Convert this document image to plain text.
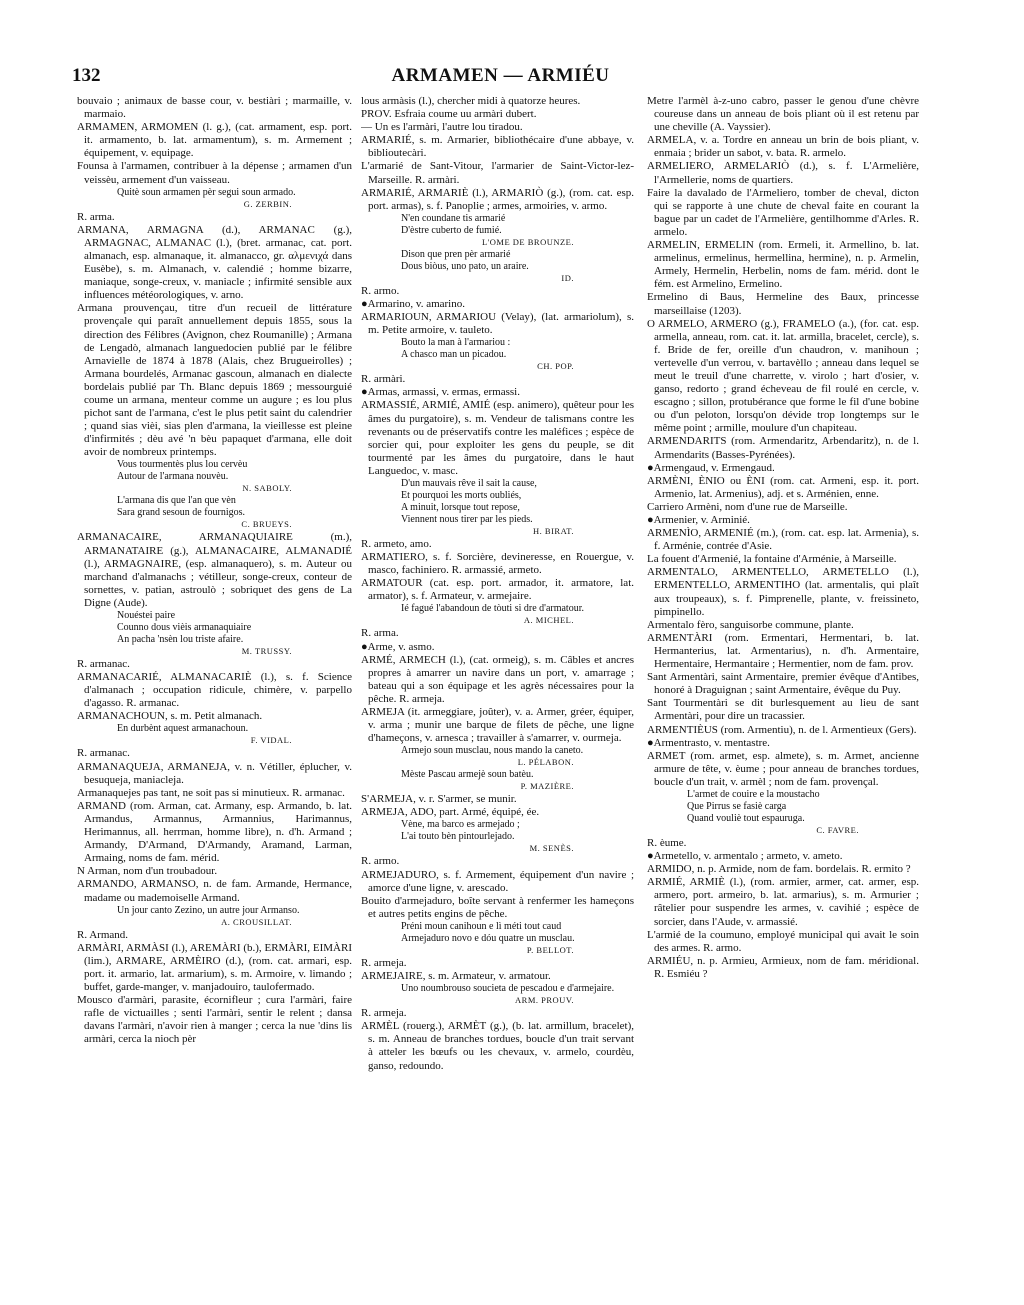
132	ARMAMEN — ARMIÉU
bouvaio ; animaux de basse cour, v. bestiàri ; marmaille, v. marmaio.
ARMAMEN, ARMOMEN (l. g.), (cat. armament, esp. port. it. armamento, b. lat. armamentum), s. m. Armement ; équipement, v. equipage.
Founsa à l'armamen, contribuer à la dépense ; armamen d'un veissèu, armement d'un vaisseau.
Quitè soun armamen pèr segui soun armado.
G. ZERBIN.
R. arma.
ARMANA, ARMAGNA (d.), ARMANAC (g.), ARMAGNAC, ALMANAC (l.), (bret. armanac, cat. port. almanach, esp. almanaque, it. almanacco, gr. αλμενιχά dans Eusèbe), s. m. Almanach, v. calendié ; homme bizarre, maniaque, songe-creux, v. maniacle ; infirmité sensible aux influences météorologiques, v. arno.
Armana prouvençau, titre d'un recueil de littérature provençale qui paraît annuellement depuis 1855, sous la direction des Félibres (Avignon, chez Roumanille) ; Armana de Lengadò, almanach languedocien publié par le félibre Arnavielle de 1874 à 1878 (Alais, chez Brugueirolles) ; Armana bourdelés, Armanac gascoun, almanach en dialecte bordelais publié par Th. Blanc depuis 1869 ; messourguié coume un armana, menteur comme un augure ; es lou plus pichot sant de l'armana, c'est le plus petit saint du calendrier ; quand sias vièi, sias plen d'armana, la vieillesse est pleine d'infirmités ; dèu avé 'n bèu papaquet d'armana, elle doit avoir de nombreux printemps.
Vous tourmentès plus lou cervèu
Autour de l'armana nouvèu.
N. SABOLY.
L'armana dis que l'an que vèn
Sara grand sesoun de fournigos.
C. BRUEYS.
ARMANACAIRE, ARMANAQUIAIRE (m.), ARMANATAIRE (g.), ALMANACAIRE, ALMANADIÉ (l.), ARMAGNAIRE, (esp. almanaquero), s. m. Auteur ou marchand d'almanachs ; vétilleur, songe-creux, conteur de sornettes, v. patian, astroulò ; sobriquet des gens de La Digne (Aude).
Nouéstei paire
Counno dous vièis armanaquiaire
An pacha 'nsèn lou triste afaire.
M. TRUSSY.
R. armanac.
ARMANACARIÉ, ALMANACARIÈ (l.), s. f. Science d'almanach ; occupation ridicule, chimère, v. parpello d'agasso. R. armanac.
ARMANACHOUN, s. m. Petit almanach.
En durbènt aquest armanachoun.
F. VIDAL.
R. armanac.
ARMANAQUEJA, ARMANEJA, v. n. Vétiller, éplucher, v. besuqueja, maniacleja.
Armanaquejes pas tant, ne soit pas si minutieux. R. armanac.
ARMAND (rom. Arman, cat. Armany, esp. Armando, b. lat. Armandus, Armannus, Armannius, Harimannus, Herimannus, all. herrman, homme libre), n. d'h. Armand ; Armandy, D'Armand, D'Armandy, Aramand, Larman, Armaing, noms de fam. mérid.
N Arman, nom d'un troubadour.
ARMANDO, ARMANSO, n. de fam. Armande, Hermance, madame ou mademoiselle Armand.
Un jour canto Zezino, un autre jour Armanso.
A. CROUSILLAT.
R. Armand.
ARMÀRI, ARMÀSI (l.), AREMÀRI (b.), ERMÀRI, EIMÀRI (lim.), ARMARE, ARMÈIRO (d.), (rom. cat. armari, esp. port. it. armario, lat. armarium), s. m. Armoire, v. limando ; buffet, garde-manger, v. manjadouiro, taulofermado.
Mousco d'armàri, parasite, écornifleur ; cura l'armàri, faire rafle de victuailles ; senti l'armàri, sentir le relent ; dansa davans l'armàri, n'avoir rien à manger ; cerca la nue 'dins lis armàri, cerca la nioch pèr
lous armàsis (l.), chercher midi à quatorze heures.
PROV. Esfraia coume uu armàri dubert.
— Un es l'armàri, l'autre lou tiradou.
ARMARIÉ, s. m. Armarier, bibliothécaire d'une abbaye, v. biblioutecàri.
L'armarié de Sant-Vitour, l'armarier de Saint-Victor-lez-Marseille. R. armàri.
ARMARIÉ, ARMARIÈ (l.), ARMARIÒ (g.), (rom. cat. esp. port. armas), s. f. Panoplie ; armes, armoiries, v. armo.
N'en coundane tis armarié
D'èstre cuberto de fumié.
L'OME DE BROUNZE.
Dison que pren pèr armarié
Dous biòus, uno pato, un araire.
ID.
R. armo.
●Armarino, v. amarino.
ARMARIOUN, ARMARIOU (Velay), (lat. armariolum), s. m. Petite armoire, v. tauleto.
Bouto la man à l'armariou :
A chasco man un picadou.
CH. POP.
R. armàri.
●Armas, armassi, v. ermas, ermassi.
ARMASSIÉ, ARMIÉ, AMIÉ (esp. animero), quêteur pour les âmes du purgatoire), s. m. Vendeur de talismans contre les revenants ou de préservatifs contre les maléfices ; espèce de sorcier qui, pour exploiter les gens du peuple, se dit tourmenté par les âmes du purgatoire, dans le haut Languedoc, v. masc.
D'un mauvais rêve il sait la cause,
Et pourquoi les morts oubliés,
A minuit, lorsque tout repose,
Viennent nous tirer par les pieds.
H. BIRAT.
R. armeto, amo.
ARMATIERO, s. f. Sorcière, devineresse, en Rouergue, v. masco, fachiniero. R. armassié, armeto.
ARMATOUR (cat. esp. port. armador, it. armatore, lat. armator), s. f. Armateur, v. armejaire.
Ié fagué l'abandoun de tòuti si dre d'armatour.
A. MICHEL.
R. arma.
●Arme, v. asmo.
ARMÉ, ARMECH (l.), (cat. ormeig), s. m. Câbles et ancres propres à amarrer un navire dans un port, v. amarrage ; bateau qui a son équipage et les agrès nécessaires pour la pêche. R. armeja.
ARMEJA (it. armeggiare, joûter), v. a. Armer, gréer, équiper, v. arma ; munir une barque de filets de pêche, une ligne d'hameçons, v. arnesca ; travailler à s'amarrer, v. ourmeja.
Armejo soun musclau, nous mando la caneto.
L. PÉLABON.
Mèste Pascau armejè soun batèu.
P. MAZIÈRE.
S'ARMEJA, v. r. S'armer, se munir.
ARMEJA, ADO, part. Armé, équipé, ée.
Vène, ma barco es armejado ;
L'ai touto bèn pintourlejado.
M. SENÈS.
R. armo.
ARMEJADURO, s. f. Armement, équipement d'un navire ; amorce d'une ligne, v. arescado.
Bouito d'armejaduro, boîte servant à renfermer les hameçons et autres petits engins de pêche.
Préni moun canihoun e lì méti tout caud
Armejaduro novo e dóu quatre un musclau.
P. BELLOT.
R. armeja.
ARMEJAIRE, s. m. Armateur, v. armatour.
Uno noumbrouso soucieta de pescadou e d'armejaire.
ARM. PROUV.
R. armeja.
ARMÈL (rouerg.), ARMÈT (g.), (b. lat. armillum, bracelet), s. m. Anneau de branches tordues, boucle d'un trait servant à atteler les bœufs ou les chevaux, v. armelo, courdèu, ganso, redoundo.
Metre l'armèl à-z-uno cabro, passer le genou d'une chèvre coureuse dans un anneau de bois pliant où il est retenu par une cheville (A. Vayssier).
ARMELA, v. a. Tordre en anneau un brin de bois pliant, v. enmaia ; brider un sabot, v. bata. R. armelo.
ARMELIERO, ARMELARIÒ (d.), s. f. L'Armelière, l'Armellerie, noms de quartiers.
Faire la davalado de l'Armeliero, tomber de cheval, dicton qui se rapporte à une chute de cheval faite en courant la bague par un cadet de l'Armelière, gentilhomme d'Arles. R. armelo.
ARMELIN, ERMELIN (rom. Ermeli, it. Armellino, b. lat. armelinus, ermelinus, hermellina, hermine), n. p. Armelin, Armely, Hermelin, Herbelin, noms de fam. mérid. dont le fém. est Armelino, Ermelino.
Ermelino di Baus, Hermeline des Baux, princesse marseillaise (1203).
O ARMELO, ARMERO (g.), FRAMELO (a.), (for. cat. esp. armella, anneau, rom. cat. it. lat. armilla, bracelet, cercle), s. f. Bride de fer, oreille d'un chaudron, v. manihoun ; vertevelle d'un verrou, v. bartavèllo ; anneau dans lequel se meut le treuil d'une charrette, v. virolo ; hart d'osier, v. ganso, redorto ; grand écheveau de fil roulé en cercle, v. escagno ; sillon, protubérance que forme le fil d'une bobine ou d'un peloton, lorsqu'on dévide trop longtemps sur le même point ; armille, moulure d'un chapiteau.
ARMENDARITS (rom. Armendaritz, Arbendaritz), n. de l. Armendarits (Basses-Pyrénées).
●Armengaud, v. Ermengaud.
ARMÈNI, ÈNIO ou ÈNI (rom. cat. Armeni, esp. it. port. Armenio, lat. Armenius), adj. et s. Arménien, enne.
Carriero Armèni, nom d'une rue de Marseille.
●Armenier, v. Arminié.
ARMENÌO, ARMENIÉ (m.), (rom. cat. esp. lat. Armenia), s. f. Arménie, contrée d'Asie.
La fouent d'Armenié, la fontaine d'Arménie, à Marseille.
ARMENTALO, ARMENTELLO, ARMETELLO (l.), ERMENTELLO, ARMENTIHO (lat. armentalis, qui plaît aux troupeaux), s. f. Pimprenelle, plante, v. freissineto, pimpinello.
Armentalo fèro, sanguisorbe commune, plante.
ARMENTÀRI (rom. Ermentari, Hermentari, b. lat. Hermanterius, lat. Armentarius), n. d'h. Armentaire, Hermentaire, Hermantaire ; Hermentier, nom de fam. prov.
Sant Armentàri, saint Armentaire, premier évêque d'Antibes, honoré à Draguignan ; saint Armentaire, évêque du Puy.
Sant Tourmentàri se dit burlesquement au lieu de sant Armentàri, pour dire un tracassier.
ARMENTIÈUS (rom. Armentiu), n. de l. Armentieux (Gers).
●Armentrasto, v. mentastre.
ARMET (rom. armet, esp. almete), s. m. Armet, ancienne armure de tête, v. èume ; pour anneau de branches tordues, boucle d'un trait, v. armèl ; nom de fam. provençal.
L'armet de couire e la moustacho
Que Pirrus se fasiè carga
Quand vouliè tout espauruga.
C. FAVRE.
R. èume.
●Armetello, v. armentalo ; armeto, v. ameto.
ARMIDO, n. p. Armide, nom de fam. bordelais. R. ermito ?
ARMIÉ, ARMIÈ (l.), (rom. armier, armer, cat. armer, esp. armero, port. armeiro, b. lat. armarius), s. m. Armurier ; râtelier pour suspendre les armes, v. cavihié ; espèce de sorcier, dans l'Aude, v. armassié.
L'armié de la coumuno, employé municipal qui avait le soin des armes. R. armo.
ARMIÉU, n. p. Armieu, Armieux, nom de fam. méridional. R. Esmiéu ?
